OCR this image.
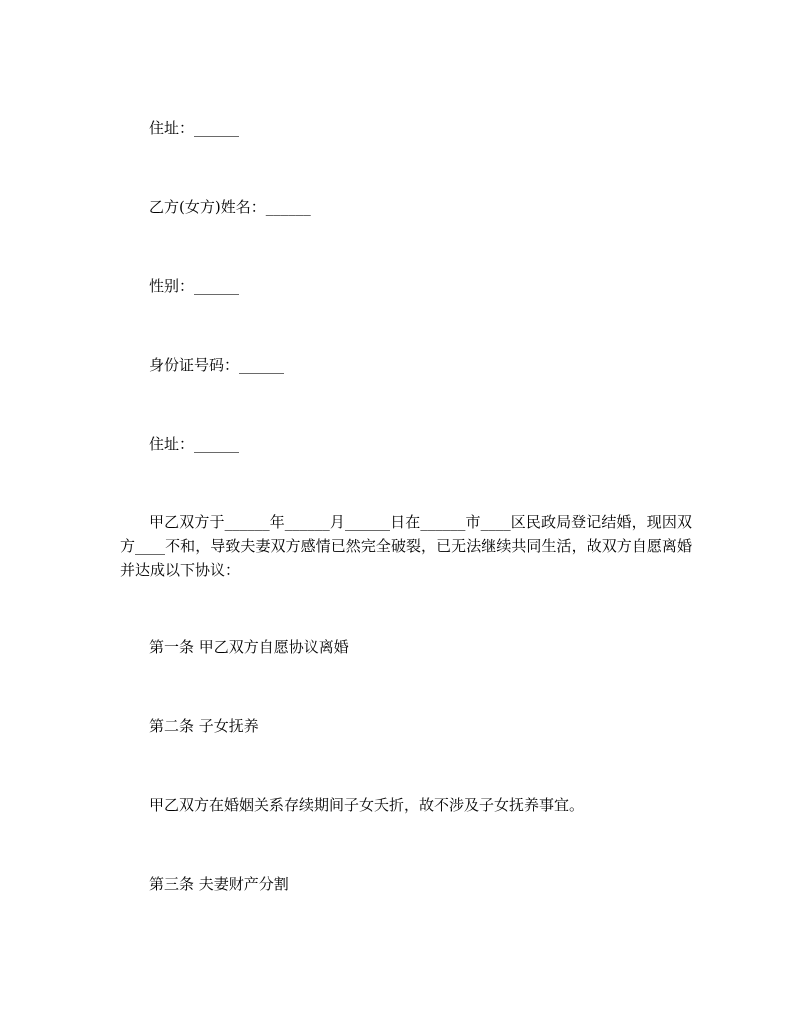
住址：______
乙方(女方)姓名：______
性别：______
身份证号码：______
住址：______
甲乙双方于______年______月______日在______市____区民政局登记结婚，现因双方____不和，导致夫妻双方感情已然完全破裂，已无法继续共同生活，故双方自愿离婚并达成以下协议：
第一条 甲乙双方自愿协议离婚
第二条 子女抚养
甲乙双方在婚姻关系存续期间子女夭折，故不涉及子女抚养事宜。
第三条 夫妻财产分割
